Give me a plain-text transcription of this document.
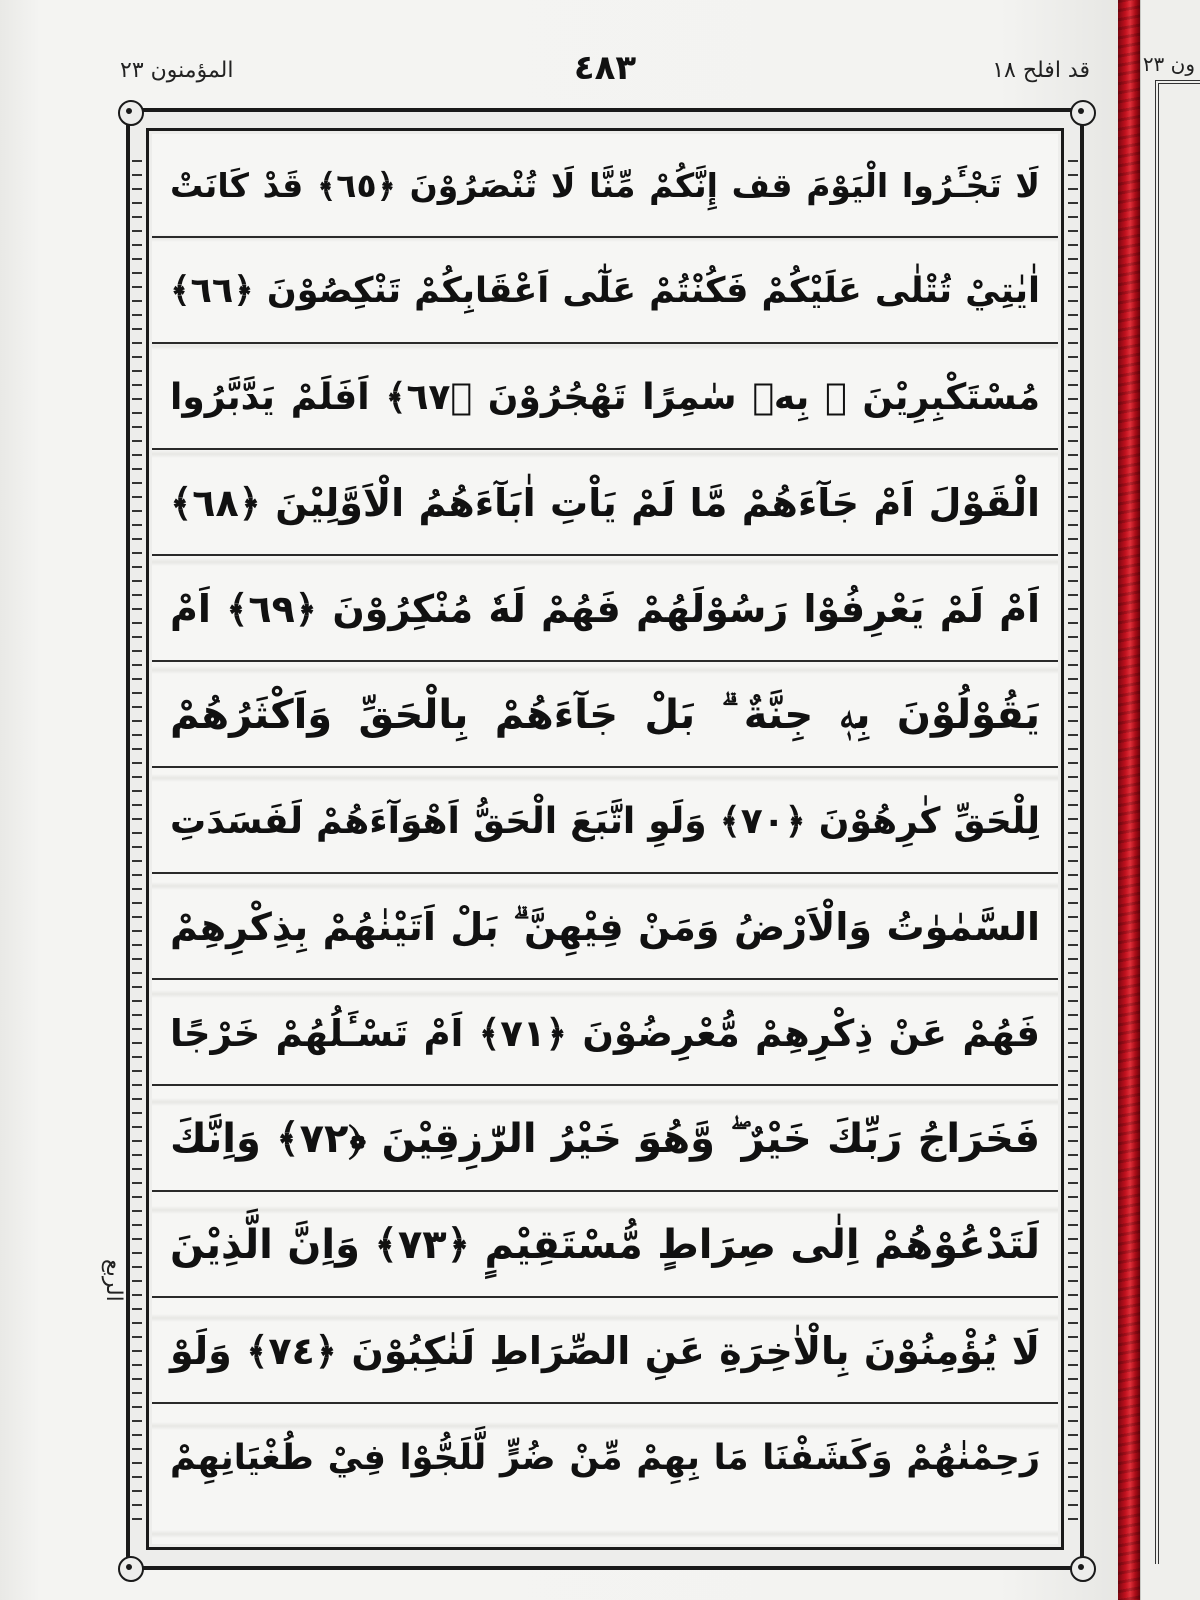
ون ٢٣
المؤمنون ٢٣	٤٨٣	قد افلح ١٨
لَا تَجْـَٔرُوا الْيَوْمَ قف إِنَّكُمْ مِّنَّا لَا تُنْصَرُوْنَ ﴿٦٥﴾ قَدْ كَانَتْ
اٰيٰتِيْ تُتْلٰى عَلَيْكُمْ فَكُنْتُمْ عَلٰٓى اَعْقَابِكُمْ تَنْكِصُوْنَ ﴿٦٦﴾
مُسْتَكْبِرِيْنَ ۖ بِهٖ سٰمِرًا تَهْجُرُوْنَ ﴿٦٧﴾ اَفَلَمْ يَدَّبَّرُوا
الْقَوْلَ اَمْ جَآءَهُمْ مَّا لَمْ يَاْتِ اٰبَآءَهُمُ الْاَوَّلِيْنَ ﴿٦٨﴾
اَمْ لَمْ يَعْرِفُوْا رَسُوْلَهُمْ فَهُمْ لَهٗ مُنْكِرُوْنَ ﴿٦٩﴾ اَمْ
يَقُوْلُوْنَ بِهٖ جِنَّةٌ ۗ بَلْ جَآءَهُمْ بِالْحَقِّ وَاَكْثَرُهُمْ
لِلْحَقِّ كٰرِهُوْنَ ﴿٧٠﴾ وَلَوِ اتَّبَعَ الْحَقُّ اَهْوَآءَهُمْ لَفَسَدَتِ
السَّمٰوٰتُ وَالْاَرْضُ وَمَنْ فِيْهِنَّ ۗ بَلْ اَتَيْنٰهُمْ بِذِكْرِهِمْ
فَهُمْ عَنْ ذِكْرِهِمْ مُّعْرِضُوْنَ ﴿٧١﴾ اَمْ تَسْـَٔلُهُمْ خَرْجًا
فَخَرَاجُ رَبِّكَ خَيْرٌ ۖ وَّهُوَ خَيْرُ الرّٰزِقِيْنَ ﴿٧٢﴾ وَاِنَّكَ
لَتَدْعُوْهُمْ اِلٰى صِرَاطٍ مُّسْتَقِيْمٍ ﴿٧٣﴾ وَاِنَّ الَّذِيْنَ
لَا يُؤْمِنُوْنَ بِالْاٰخِرَةِ عَنِ الصِّرَاطِ لَنٰكِبُوْنَ ﴿٧٤﴾ وَلَوْ
رَحِمْنٰهُمْ وَكَشَفْنَا مَا بِهِمْ مِّنْ ضُرٍّ لَّلَجُّوْا فِيْ طُغْيَانِهِمْ
الربع
